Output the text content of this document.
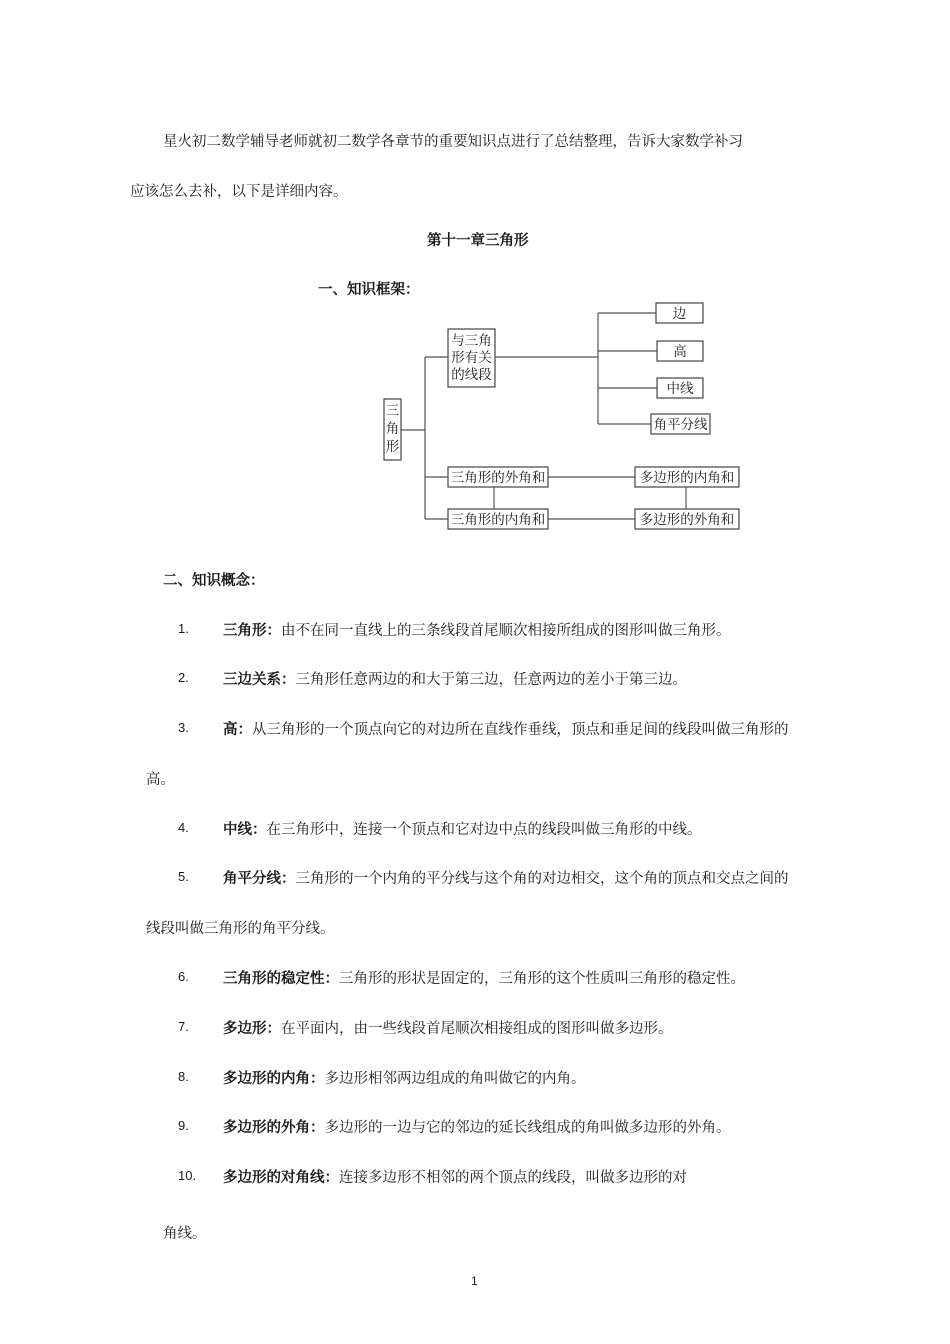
星火初二数学辅导老师就初二数学各章节的重要知识点进行了总结整理，告诉大家数学补习
应该怎么去补，以下是详细内容。
第十一章三角形
一、知识框架：
三
角
形
与三角
形有关
的线段
边
高
中线
角平分线
三角形的外角和
三角形的内角和
多边形的内角和
多边形的外角和
二、知识概念：
1. 三角形：由不在同一直线上的三条线段首尾顺次相接所组成的图形叫做三角形。
2. 三边关系：三角形任意两边的和大于第三边，任意两边的差小于第三边。
3. 高：从三角形的一个顶点向它的对边所在直线作垂线，顶点和垂足间的线段叫做三角形的
高。
4. 中线：在三角形中，连接一个顶点和它对边中点的线段叫做三角形的中线。
5. 角平分线：三角形的一个内角的平分线与这个角的对边相交，这个角的顶点和交点之间的
线段叫做三角形的角平分线。
6. 三角形的稳定性：三角形的形状是固定的，三角形的这个性质叫三角形的稳定性。
7. 多边形：在平面内，由一些线段首尾顺次相接组成的图形叫做多边形。
8. 多边形的内角：多边形相邻两边组成的角叫做它的内角。
9. 多边形的外角：多边形的一边与它的邻边的延长线组成的角叫做多边形的外角。
10. 多边形的对角线：连接多边形不相邻的两个顶点的线段，叫做多边形的对
角线。
1
